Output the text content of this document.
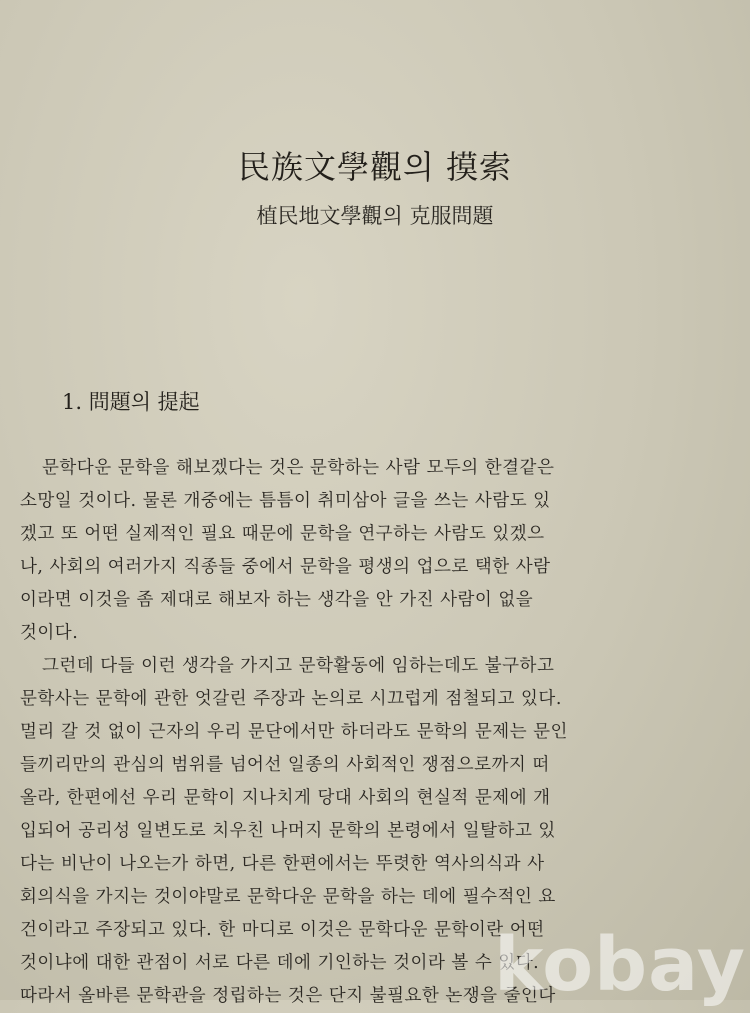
民族文學觀의 摸索
植民地文學觀의 克服問題
1. 問題의 提起

문학다운 문학을 해보겠다는 것은 문학하는 사람 모두의 한결같은
소망일 것이다. 물론 개중에는 틈틈이 취미삼아 글을 쓰는 사람도 있
겠고 또 어떤 실제적인 필요 때문에 문학을 연구하는 사람도 있겠으
나, 사회의 여러가지 직종들 중에서 문학을 평생의 업으로 택한 사람
이라면 이것을 좀 제대로 해보자 하는 생각을 안 가진 사람이 없을
것이다.

그런데 다들 이런 생각을 가지고 문학활동에 임하는데도 불구하고
문학사는 문학에 관한 엇갈린 주장과 논의로 시끄럽게 점철되고 있다.
멀리 갈 것 없이 근자의 우리 문단에서만 하더라도 문학의 문제는 문인
들끼리만의 관심의 범위를 넘어선 일종의 사회적인 쟁점으로까지 떠
올라, 한편에선 우리 문학이 지나치게 당대 사회의 현실적 문제에 개
입되어 공리성 일변도로 치우친 나머지 문학의 본령에서 일탈하고 있
다는 비난이 나오는가 하면, 다른 한편에서는 뚜렷한 역사의식과 사
회의식을 가지는 것이야말로 문학다운 문학을 하는 데에 필수적인 요
건이라고 주장되고 있다. 한 마디로 이것은 문학다운 문학이란 어떤
것이냐에 대한 관점이 서로 다른 데에 기인하는 것이라 볼 수 있다.
따라서 올바른 문학관을 정립하는 것은 단지 불필요한 논쟁을 줄인다

kobay
